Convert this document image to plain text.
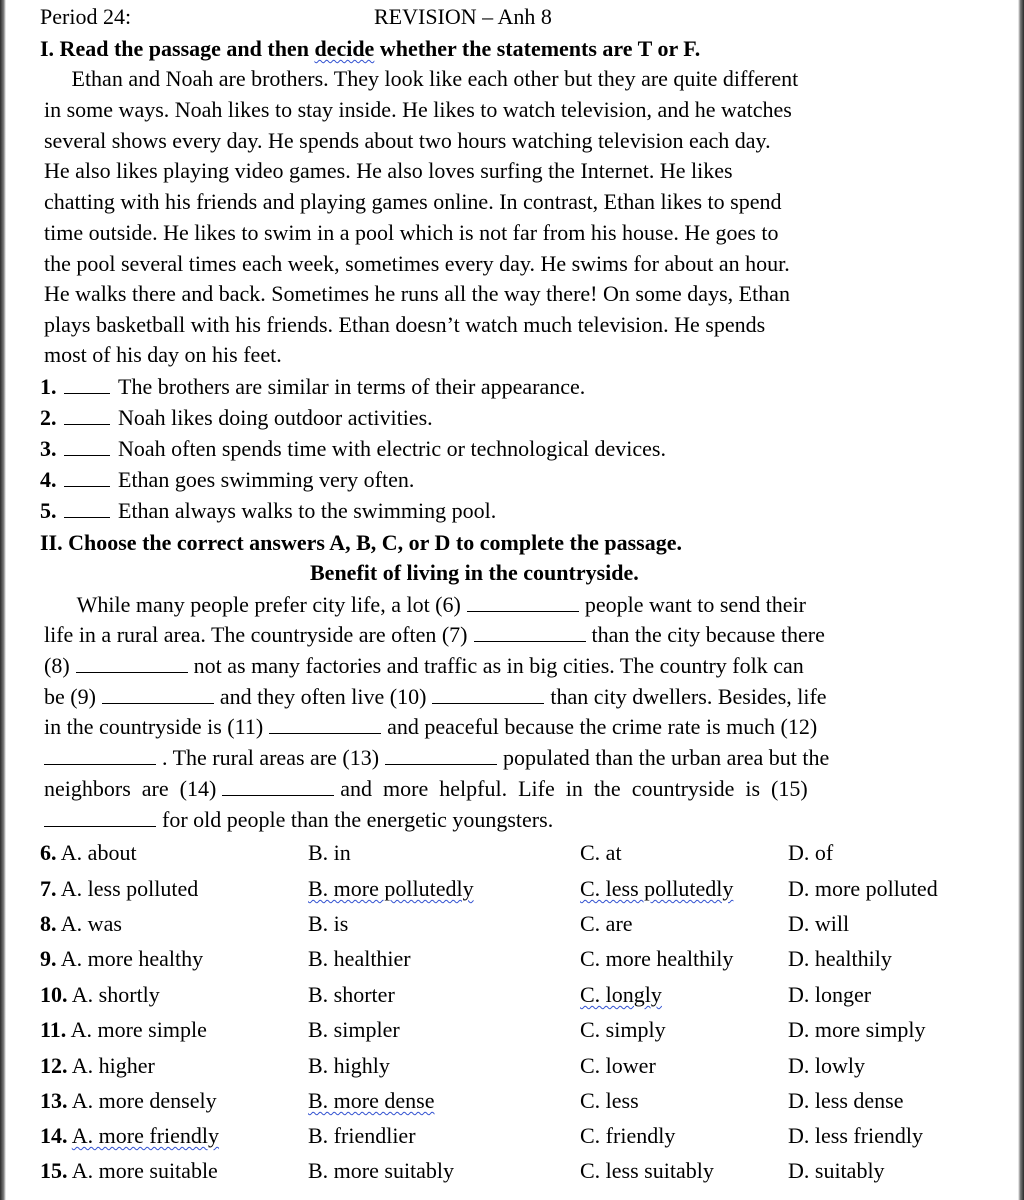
Period 24:	REVISION – Anh 8
I. Read the passage and then decide whether the statements are T or F.
Ethan and Noah are brothers. They look like each other but they are quite different
in some ways. Noah likes to stay inside. He likes to watch television, and he watches
several shows every day. He spends about two hours watching television each day.
He also likes playing video games. He also loves surfing the Internet. He likes
chatting with his friends and playing games online. In contrast, Ethan likes to spend
time outside. He likes to swim in a pool which is not far from his house. He goes to
the pool several times each week, sometimes every day. He swims for about an hour.
He walks there and back. Sometimes he runs all the way there! On some days, Ethan
plays basketball with his friends. Ethan doesn’t watch much television. He spends
most of his day on his feet.
1.	The brothers are similar in terms of their appearance.
2.	Noah likes doing outdoor activities.
3.	Noah often spends time with electric or technological devices.
4.	Ethan goes swimming very often.
5.	Ethan always walks to the swimming pool.
II. Choose the correct answers A, B, C, or D to complete the passage.
Benefit of living in the countryside.
While many people prefer city life, a lot (6)	people want to send their
life in a rural area. The countryside are often (7)	than the city because there
(8)	not as many factories and traffic as in big cities. The country folk can
be (9)	and they often live (10)	than city dwellers. Besides, life
in the countryside is (11)	and peaceful because the crime rate is much (12)
. The rural areas are (13)	populated than the urban area but the
neighbors  are  (14)	and  more  helpful.  Life  in  the  countryside  is  (15)
for old people than the energetic youngsters.
6. A. about	B. in	C. at	D. of
7. A. less polluted	B. more pollutedly	C. less pollutedly D. more polluted
8. A. was	B. is	C. are	D. will
9. A. more healthy	B. healthier	C. more healthily D. healthily
10. A. shortly	B. shorter	C. longly	D. longer
11. A. more simple	B. simpler	C. simply	D. more simply
12. A. higher	B. highly	C. lower	D. lowly
13. A. more densely	B. more dense	C. less	D. less dense
14. A. more friendly	B. friendlier	C. friendly	D. less friendly
15. A. more suitable	B. more suitably	C. less suitably	D. suitably
